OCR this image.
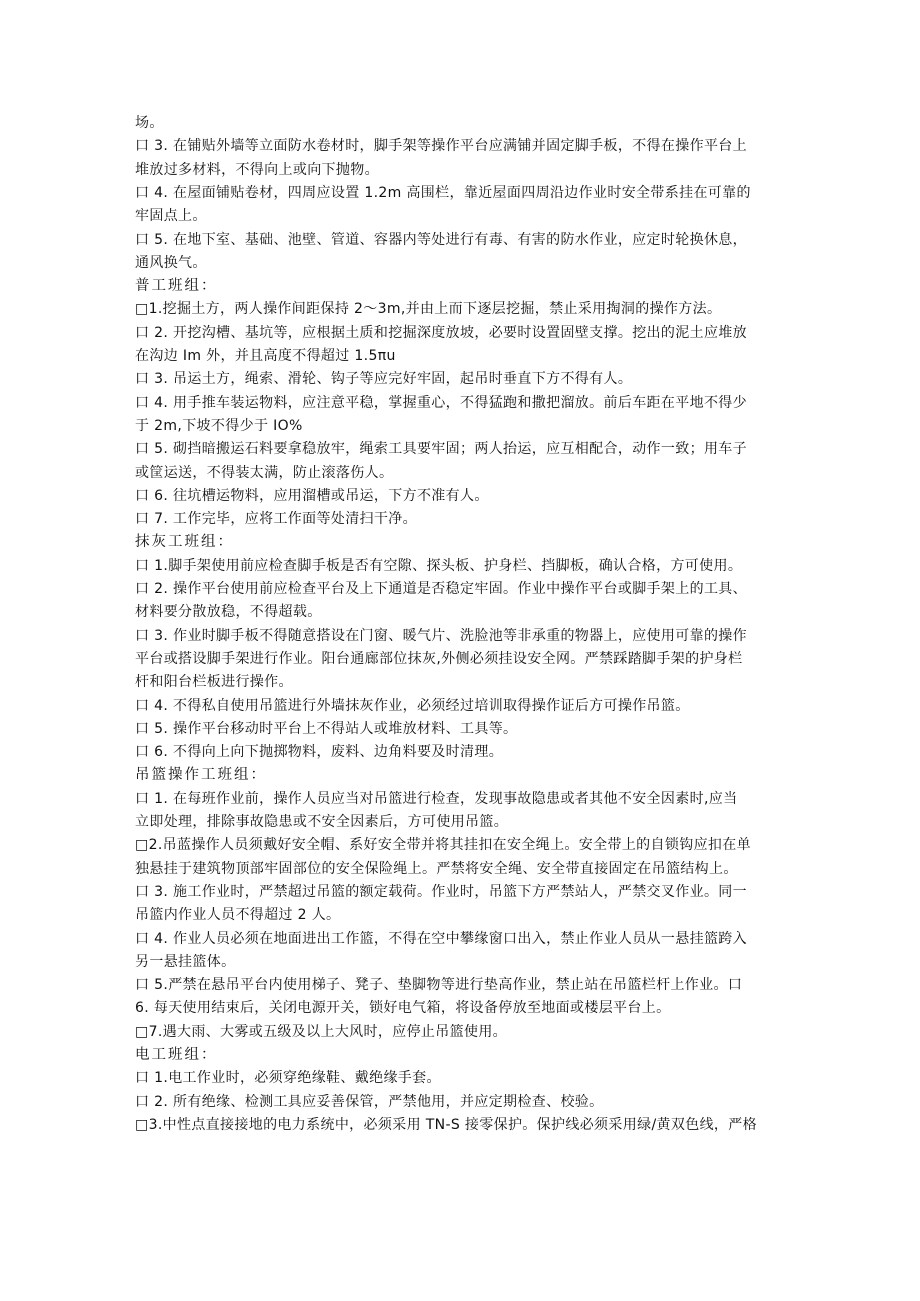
场。
口 3. 在铺贴外墙等立面防水卷材时，脚手架等操作平台应满铺并固定脚手板，不得在操作平台上
堆放过多材料，不得向上或向下抛物。
口 4. 在屋面铺贴卷材，四周应设置 1.2m 高围栏，靠近屋面四周沿边作业时安全带系挂在可靠的
牢固点上。
口 5. 在地下室、基础、池壁、管道、容器内等处进行有毒、有害的防水作业，应定时轮换休息，
通风换气。
普工班组：
□1.挖掘土方，两人操作间距保持 2～3m,并由上而下逐层挖掘，禁止采用掏洞的操作方法。
口 2. 开挖沟槽、基坑等，应根据土质和挖掘深度放坡，必要时设置固壁支撑。挖出的泥土应堆放
在沟边 Im 外，并且高度不得超过 1.5πu
口 3. 吊运土方，绳索、滑轮、钩子等应完好牢固，起吊时垂直下方不得有人。
口 4. 用手推车装运物料，应注意平稳，掌握重心，不得猛跑和撒把溜放。前后车距在平地不得少
于 2m,下坡不得少于 IO%
口 5. 砌挡暗搬运石料要拿稳放牢，绳索工具要牢固；两人抬运，应互相配合，动作一致；用车子
或筐运送，不得装太满，防止滚落伤人。
口 6. 往坑槽运物料，应用溜槽或吊运，下方不准有人。
口 7. 工作完毕，应将工作面等处清扫干净。
抹灰工班组：
口 1.脚手架使用前应检查脚手板是否有空隙、探头板、护身栏、挡脚板，确认合格，方可使用。
口 2. 操作平台使用前应检查平台及上下通道是否稳定牢固。作业中操作平台或脚手架上的工具、
材料要分散放稳，不得超载。
口 3. 作业时脚手板不得随意搭设在门窗、暖气片、洗脸池等非承重的物器上，应使用可靠的操作
平台或搭设脚手架进行作业。阳台通廊部位抹灰,外侧必须挂设安全网。严禁踩踏脚手架的护身栏
杆和阳台栏板进行操作。
口 4. 不得私自使用吊篮进行外墙抹灰作业，必须经过培训取得操作证后方可操作吊篮。
口 5. 操作平台移动时平台上不得站人或堆放材料、工具等。
口 6. 不得向上向下抛掷物料，废料、边角料要及时清理。
吊篮操作工班组：
口 1. 在每班作业前，操作人员应当对吊篮进行检查，发现事故隐患或者其他不安全因素时,应当
立即处理，排除事故隐患或不安全因素后，方可使用吊篮。
□2.吊蓝操作人员须戴好安全帽、系好安全带并将其挂扣在安全绳上。安全带上的自锁钩应扣在单
独悬挂于建筑物顶部牢固部位的安全保险绳上。严禁将安全绳、安全带直接固定在吊篮结构上。
口 3. 施工作业时，严禁超过吊篮的额定载荷。作业时，吊篮下方严禁站人，严禁交叉作业。同一
吊篮内作业人员不得超过 2 人。
口 4. 作业人员必须在地面进出工作篮，不得在空中攀缘窗口出入，禁止作业人员从一悬挂篮跨入
另一悬挂篮体。
口 5.严禁在悬吊平台内使用梯子、凳子、垫脚物等进行垫高作业，禁止站在吊篮栏杆上作业。口
6. 每天使用结束后，关闭电源开关，锁好电气箱，将设备停放至地面或楼层平台上。
□7.遇大雨、大雾或五级及以上大风时，应停止吊篮使用。
电工班组：
口 1.电工作业时，必须穿绝缘鞋、戴绝缘手套。
口 2. 所有绝缘、检测工具应妥善保管，严禁他用，并应定期检查、校验。
□3.中性点直接接地的电力系统中，必须采用 TN-S 接零保护。保护线必须采用绿/黄双色线，严格
